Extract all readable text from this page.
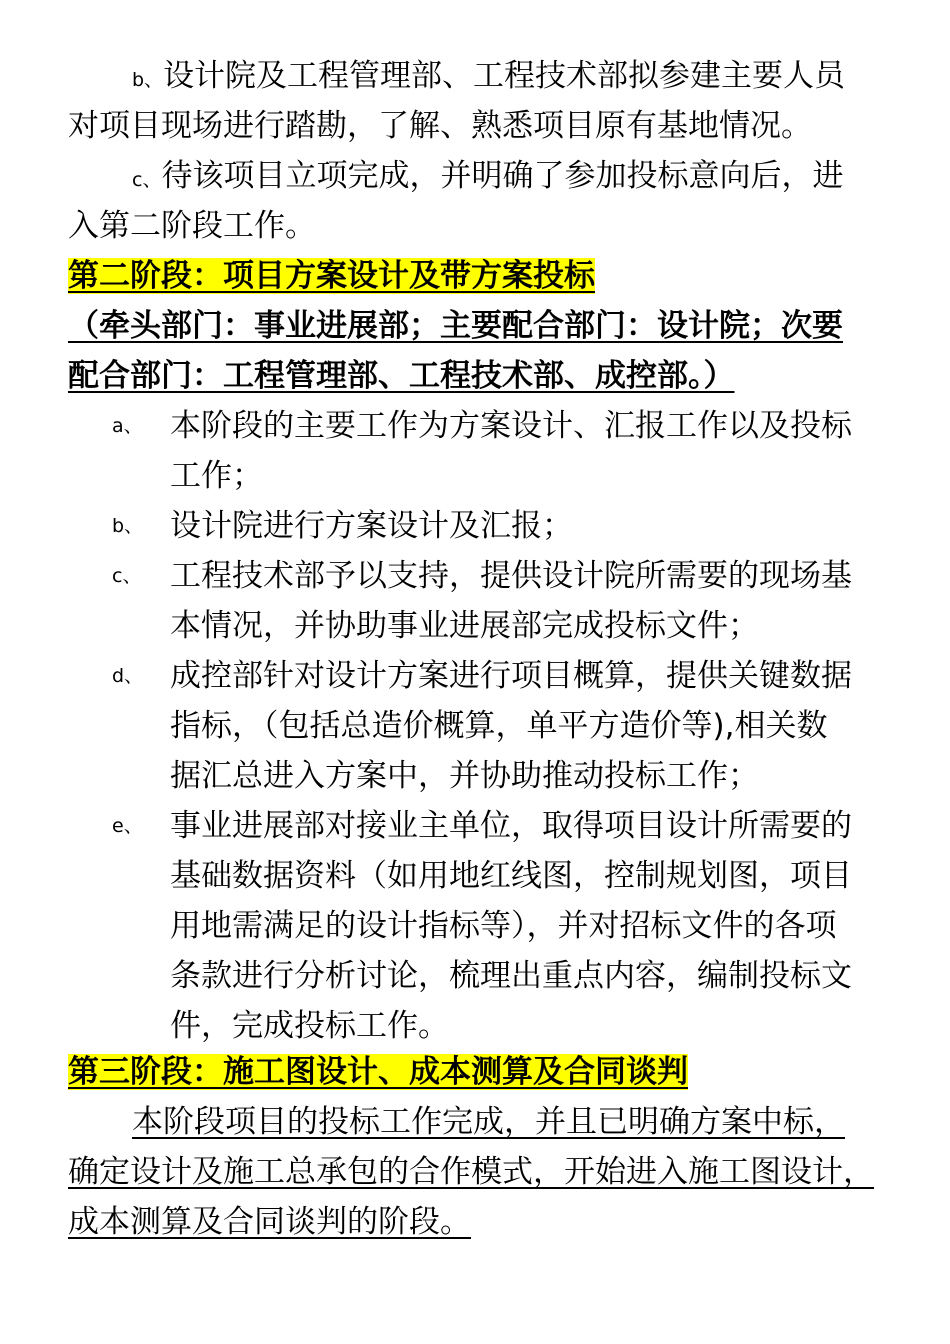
b、设计院及工程管理部、工程技术部拟参建主要人员
对项目现场进行踏勘，了解、熟悉项目原有基地情况。
c、待该项目立项完成，并明确了参加投标意向后，进
入第二阶段工作。
第二阶段：项目方案设计及带方案投标
（牵头部门：事业进展部；主要配合部门：设计院；次要
配合部门：工程管理部、工程技术部、成控部。）
a、 本阶段的主要工作为方案设计、汇报工作以及投标
工作；
b、 设计院进行方案设计及汇报；
c、 工程技术部予以支持，提供设计院所需要的现场基
本情况，并协助事业进展部完成投标文件；
d、 成控部针对设计方案进行项目概算，提供关键数据
指标，（包括总造价概算，单平方造价等),相关数
据汇总进入方案中，并协助推动投标工作；
e、 事业进展部对接业主单位，取得项目设计所需要的
基础数据资料（如用地红线图，控制规划图，项目
用地需满足的设计指标等），并对招标文件的各项
条款进行分析讨论，梳理出重点内容，编制投标文
件，完成投标工作。
第三阶段：施工图设计、成本测算及合同谈判
本阶段项目的投标工作完成，并且已明确方案中标，
确定设计及施工总承包的合作模式，开始进入施工图设计，
成本测算及合同谈判的阶段。
